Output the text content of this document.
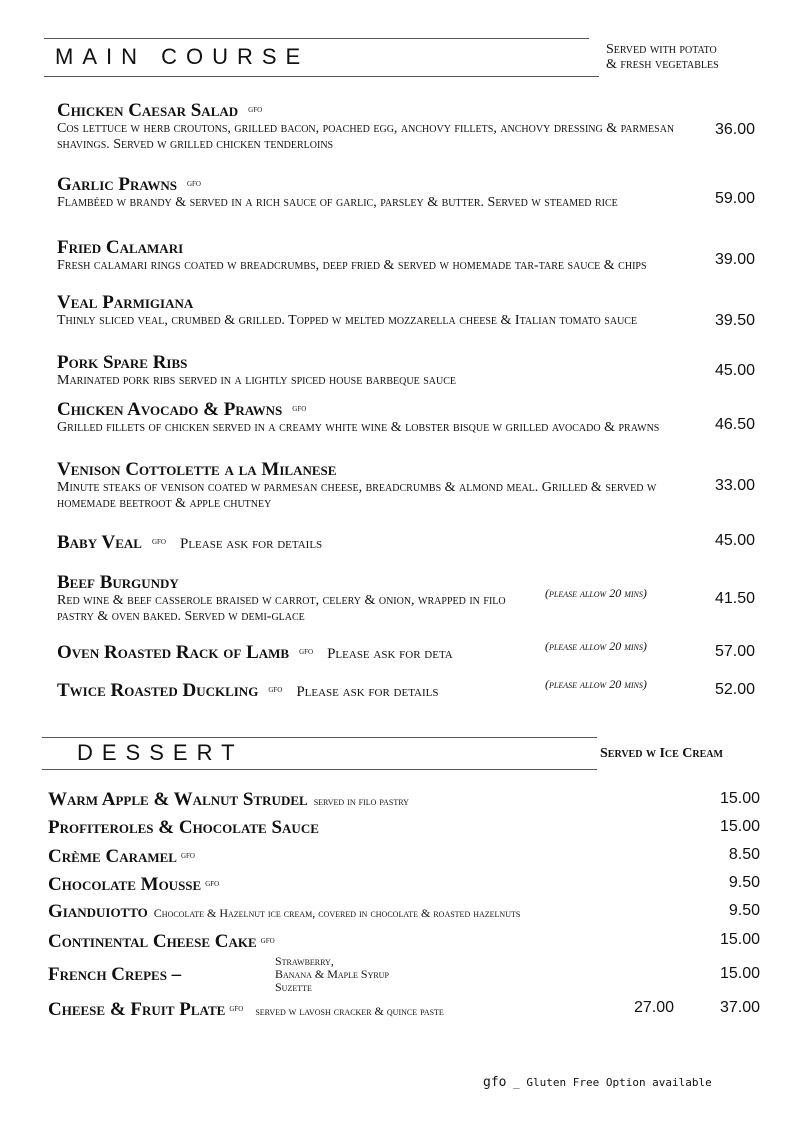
MAIN COURSE	Served with potato
& fresh vegetables
Chicken Caesar Salad $^{gfo}$
Cos lettuce w herb croutons, grilled bacon, poached egg, anchovy fillets, anchovy dressing & parmesan shavings. Served w grilled chicken tenderloins
36.00
Garlic Prawns $^{gfo}$
Flambéed w brandy & served in a rich sauce of garlic, parsley & butter. Served w steamed rice	59.00
Fried Calamari
Fresh calamari rings coated w breadcrumbs, deep fried & served w homemade tar-tare sauce & chips	39.00
Veal Parmigiana
Thinly sliced veal, crumbed & grilled. Topped w melted mozzarella cheese & Italian tomato sauce	39.50
Pork Spare Ribs
Marinated pork ribs served in a lightly spiced house barbeque sauce
45.00
Chicken Avocado & Prawns $^{gfo}$
Grilled fillets of chicken served in a creamy white wine & lobster bisque w grilled avocado & prawns	46.50
Venison Cottolette a la Milanese
Minute steaks of venison coated w parmesan cheese, breadcrumbs & almond meal. Grilled & served w homemade beetroot & apple chutney
33.00
Baby Veal $^{gfo}$ Please ask for details	45.00
Beef Burgundy
Red wine & beef casserole braised w carrot, celery & onion, wrapped in filo pastry & oven baked. Served w demi-glace
(please allow 20 mins)	41.50
Oven Roasted Rack of Lamb $^{gfo}$ Please ask for deta	(please allow 20 mins)	57.00
Twice Roasted Duckling $^{gfo}$ Please ask for details	(please allow 20 mins)	52.00
DESSERT	Served w Ice Cream
Warm Apple & Walnut Strudel served in filo pastry	15.00
Profiteroles & Chocolate Sauce	15.00
Crème Caramel $^{gfo}$	8.50
Chocolate Mousse $^{gfo}$	9.50
Gianduiotto Chocolate & Hazelnut ice cream, covered in chocolate & roasted hazelnuts	9.50
Continental Cheese Cake $^{gfo}$	15.00
French Crepes –
Strawberry,
Banana & Maple Syrup
Suzette
15.00
Cheese & Fruit Plate $^{gfo}$ served w lavosh cracker & quince paste	27.00	37.00
gfo _ Gluten Free Option available
